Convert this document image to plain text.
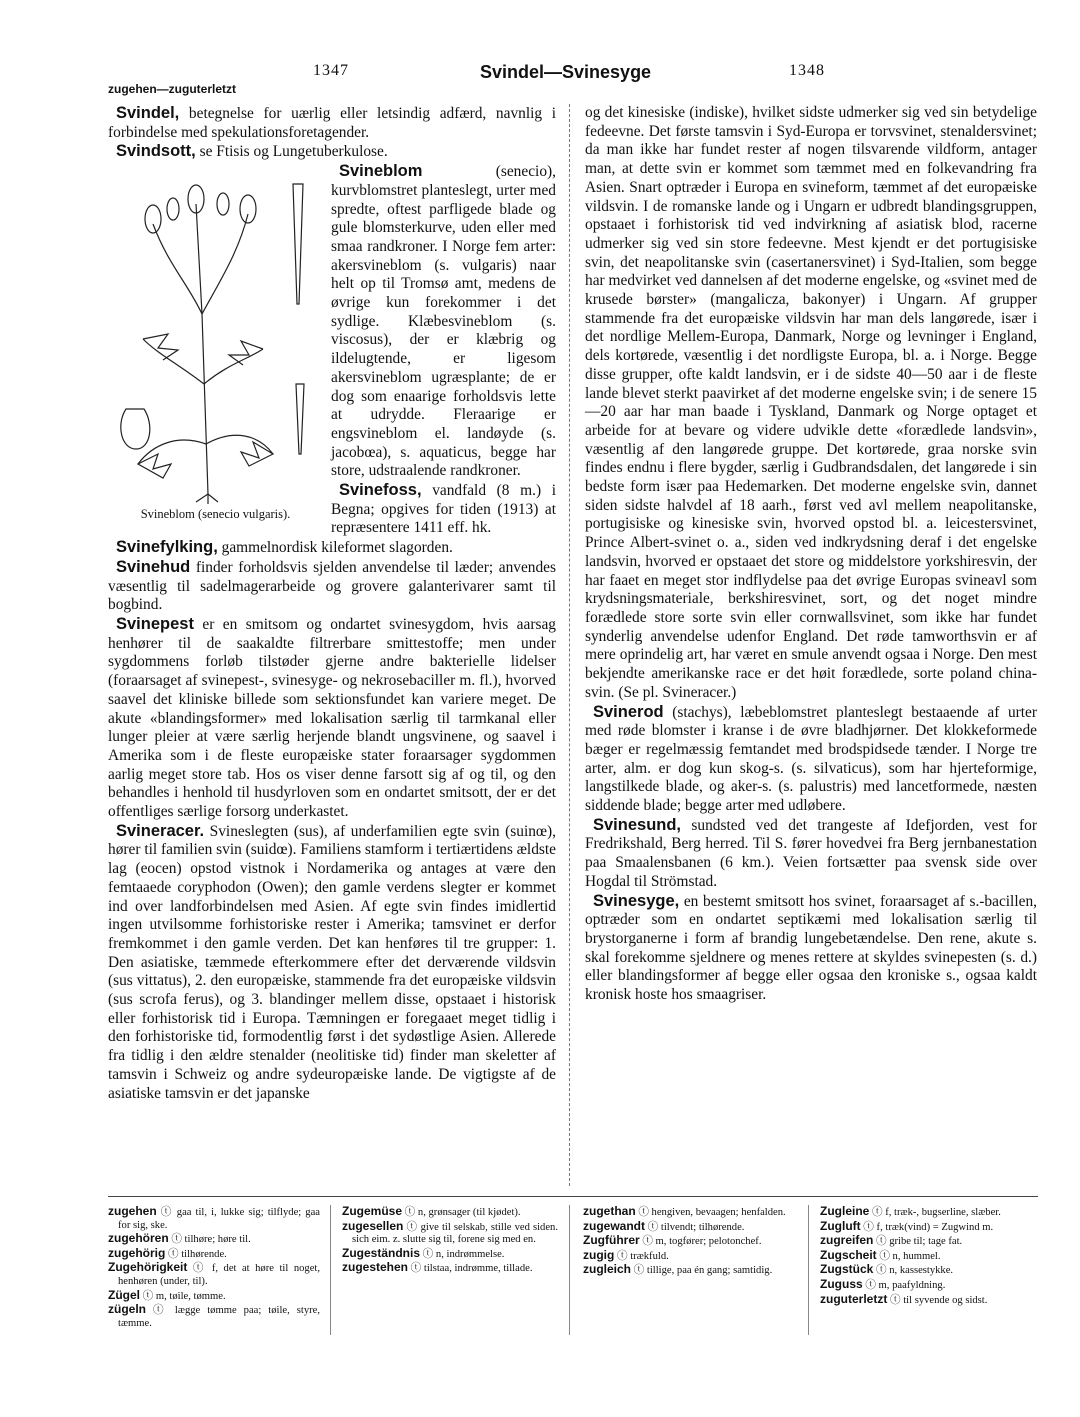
1347	Svindel—Svinesyge	1348
zugehen—zuguterletzt

Svindel, betegnelse for uærlig eller letsindig adfærd, navnlig i forbindelse med spekulationsforetagender.

Svindsott, se Ftisis og Lungetuberkulose.

Svineblom (senecio vulgaris).

Svineblom (senecio), kurvblomstret planteslegt, urter med spredte, oftest parfligede blade og gule blomsterkurve, uden eller med smaa randkroner. I Norge fem arter: akersvineblom (s. vulgaris) naar helt op til Tromsø amt, medens de øvrige kun forekommer i det sydlige. Klæbesvineblom (s. viscosus), der er klæbrig og ildelugtende, er ligesom akersvineblom ugræsplante; de er dog som enaarige forholdsvis lette at udrydde. Fleraarige er engsvineblom el. landøyde (s. jacobœa), s. aquaticus, begge har store, udstraalende randkroner.

Svinefoss, vandfald (8 m.) i Begna; opgives for tiden (1913) at repræsentere 1411 eff. hk.

Svinefylking, gammelnordisk kileformet slagorden.

Svinehud finder forholdsvis sjelden anvendelse til læder; anvendes væsentlig til sadelmagerarbeide og grovere galanterivarer samt til bogbind.

Svinepest er en smitsom og ondartet svinesygdom, hvis aarsag henhører til de saakaldte filtrerbare smittestoffe; men under sygdommens forløb tilstøder gjerne andre bakterielle lidelser (foraarsaget af svinepest-, svinesyge- og nekrosebaciller m. fl.), hvorved saavel det kliniske billede som sektionsfundet kan variere meget. De akute «blandingsformer» med lokalisation særlig til tarmkanal eller lunger pleier at være særlig herjende blandt ungsvinene, og saavel i Amerika som i de fleste europæiske stater foraarsager sygdommen aarlig meget store tab. Hos os viser denne farsott sig af og til, og den behandles i henhold til husdyrloven som en ondartet smitsott, der er det offentliges særlige forsorg underkastet.

Svineracer. Svineslegten (sus), af underfamilien egte svin (suinœ), hører til familien svin (suidœ). Familiens stamform i tertiærtidens ældste lag (eocen) opstod vistnok i Nordamerika og antages at være den femtaaede coryphodon (Owen); den gamle verdens slegter er kommet ind over landforbindelsen med Asien. Af egte svin findes imidlertid ingen utvilsomme forhistoriske rester i Amerika; tamsvinet er derfor fremkommet i den gamle verden. Det kan henføres til tre grupper: 1. Den asiatiske, tæmmede efterkommere efter det derværende vildsvin (sus vittatus), 2. den europæiske, stammende fra det europæiske vildsvin (sus scrofa ferus), og 3. blandinger mellem disse, opstaaet i historisk eller forhistorisk tid i Europa. Tæmningen er foregaaet meget tidlig i den forhistoriske tid, formodentlig først i det sydøstlige Asien. Allerede fra tidlig i den ældre stenalder (neolitiske tid) finder man skeletter af tamsvin i Schweiz og andre sydeuropæiske lande. De vigtigste af de asiatiske tamsvin er det japanske

og det kinesiske (indiske), hvilket sidste udmerker sig ved sin betydelige fedeevne. Det første tamsvin i Syd-Europa er torvsvinet, stenaldersvinet; da man ikke har fundet rester af nogen tilsvarende vildform, antager man, at dette svin er kommet som tæmmet med en folkevandring fra Asien. Snart optræder i Europa en svineform, tæmmet af det europæiske vildsvin. I de romanske lande og i Ungarn er udbredt blandingsgruppen, opstaaet i forhistorisk tid ved indvirkning af asiatisk blod, racerne udmerker sig ved sin store fedeevne. Mest kjendt er det portugisiske svin, det neapolitanske svin (casertanersvinet) i Syd-Italien, som begge har medvirket ved dannelsen af det moderne engelske, og «svinet med de krusede børster» (mangalicza, bakonyer) i Ungarn. Af grupper stammende fra det europæiske vildsvin har man dels langørede, især i det nordlige Mellem-Europa, Danmark, Norge og levninger i England, dels kortørede, væsentlig i det nordligste Europa, bl. a. i Norge. Begge disse grupper, ofte kaldt landsvin, er i de sidste 40—50 aar i de fleste lande blevet sterkt paavirket af det moderne engelske svin; i de senere 15—20 aar har man baade i Tyskland, Danmark og Norge optaget et arbeide for at bevare og videre udvikle dette «forædlede landsvin», væsentlig af den langørede gruppe. Det kortørede, graa norske svin findes endnu i flere bygder, særlig i Gudbrandsdalen, det langørede i sin bedste form især paa Hedemarken. Det moderne engelske svin, dannet siden sidste halvdel af 18 aarh., først ved avl mellem neapolitanske, portugisiske og kinesiske svin, hvorved opstod bl. a. leicestersvinet, Prince Albert-svinet o. a., siden ved indkrydsning deraf i det engelske landsvin, hvorved er opstaaet det store og middelstore yorkshiresvin, der har faaet en meget stor indflydelse paa det øvrige Europas svineavl som krydsningsmateriale, berkshiresvinet, sort, og det noget mindre forædlede store sorte svin eller cornwallsvinet, som ikke har fundet synderlig anvendelse udenfor England. Det røde tamworthsvin er af mere oprindelig art, har været en smule anvendt ogsaa i Norge. Den mest bekjendte amerikanske race er det høit forædlede, sorte poland china-svin. (Se pl. Svineracer.)

Svinerod (stachys), læbeblomstret planteslegt bestaaende af urter med røde blomster i kranse i de øvre bladhjørner. Det klokkeformede bæger er regelmæssig femtandet med brodspidsede tænder. I Norge tre arter, alm. er dog kun skog-s. (s. silvaticus), som har hjerteformige, langstilkede blade, og aker-s. (s. palustris) med lancetformede, næsten siddende blade; begge arter med udløbere.

Svinesund, sundsted ved det trangeste af Idefjorden, vest for Fredrikshald, Berg herred. Til S. fører hovedvei fra Berg jernbanestation paa Smaalensbanen (6 km.). Veien fortsætter paa svensk side over Hogdal til Strömstad.

Svinesyge, en bestemt smitsott hos svinet, foraarsaget af s.-bacillen, optræder som en ondartet septikæmi med lokalisation særlig til brystorganerne i form af brandig lungebetændelse. Den rene, akute s. skal forekomme sjeldnere og menes rettere at skyldes svinepesten (s. d.) eller blandingsformer af begge eller ogsaa den kroniske s., ogsaa kaldt kronisk hoste hos smaagriser.

zugehen ⓣ gaa til, i, lukke sig; tilflyde; gaa for sig, ske.

zugehören ⓣ tilhøre; høre til.

zugehörig ⓣ tilhørende.

Zugehörigkeit ⓣ f, det at høre til noget, henhøren (under, til).

Zügel ⓣ m, tøile, tømme.

zügeln ⓣ lægge tømme paa; tøile, styre, tæmme.

Zugemüse ⓣ n, grønsager (til kjødet).

zugesellen ⓣ give til selskab, stille ved siden. sich eim. z. slutte sig til, forene sig med en.

Zugeständnis ⓣ n, indrømmelse.

zugestehen ⓣ tilstaa, indrømme, tillade.

zugethan ⓣ hengiven, bevaagen; henfalden.

zugewandt ⓣ tilvendt; tilhørende.

Zugführer ⓣ m, togfører; pelotonchef.

zugig ⓣ trækfuld.

zugleich ⓣ tillige, paa én gang; samtidig.

Zugleine ⓣ f, træk-, bugserline, slæber.

Zugluft ⓣ f, træk(vind) = Zugwind m.

zugreifen ⓣ gribe til; tage fat.

Zugscheit ⓣ n, hummel.

Zugstück ⓣ n, kassestykke.

Zuguss ⓣ m, paafyldning.

zuguterletzt ⓣ til syvende og sidst.
